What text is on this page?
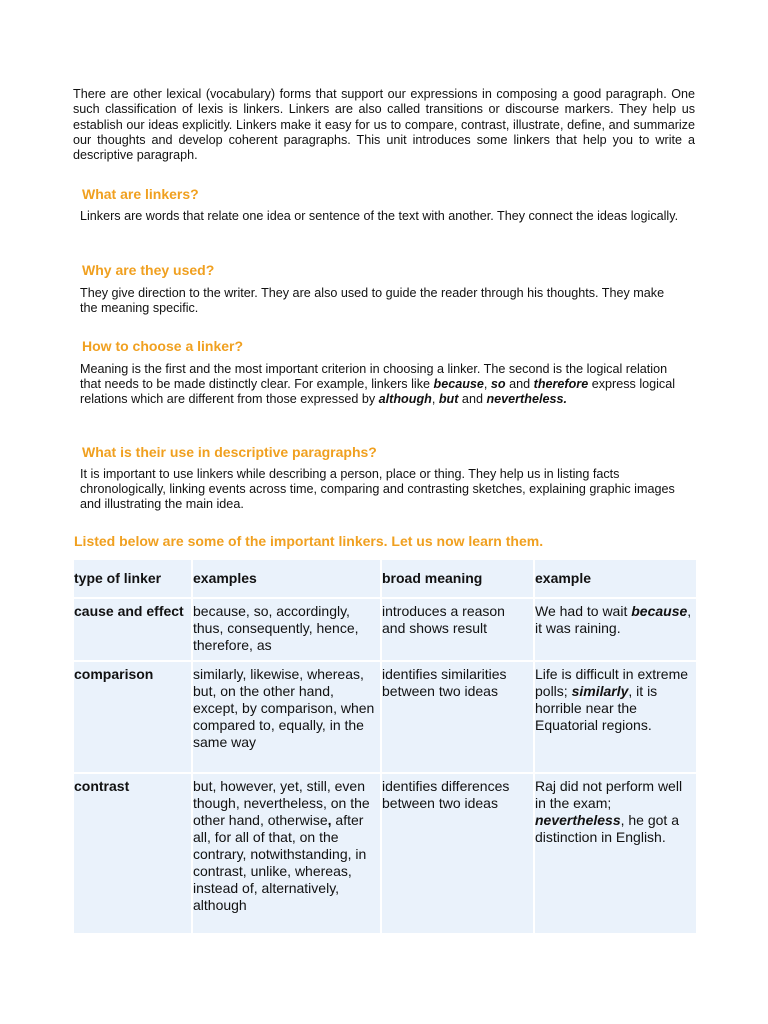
There are other lexical (vocabulary) forms that support our expressions in composing a good paragraph. One such classification of lexis is linkers. Linkers are also called transitions or discourse markers. They help us establish our ideas explicitly. Linkers make it easy for us to compare, contrast, illustrate, define, and summarize our thoughts and develop coherent paragraphs. This unit introduces some linkers that help you to write a descriptive paragraph.
What are linkers?
Linkers are words that relate one idea or sentence of the text with another. They connect the ideas logically.
Why are they used?
They give direction to the writer. They are also used to guide the reader through his thoughts. They make the meaning specific.
How to choose a linker?
Meaning is the first and the most important criterion in choosing a linker. The second is the logical relation that needs to be made distinctly clear. For example, linkers like because, so and therefore express logical relations which are different from those expressed by although, but and nevertheless.
What is their use in descriptive paragraphs?
It is important to use linkers while describing a person, place or thing. They help us in listing facts chronologically, linking events across time, comparing and contrasting sketches, explaining graphic images and illustrating the main idea.
Listed below are some of the important linkers. Let us now learn them.
type of linker	examples	broad meaning	example
cause and effect	because, so, accordingly, thus, consequently, hence, therefore, as	introduces a reason and shows result	We had to wait because, it was raining.
comparison	similarly, likewise, whereas, but, on the other hand, except, by comparison, when compared to, equally, in the same way	identifies similarities between two ideas	Life is difficult in extreme polls; similarly, it is horrible near the Equatorial regions.
contrast	but, however, yet, still, even though, nevertheless, on the other hand, otherwise, after all, for all of that, on the contrary, notwithstanding, in contrast, unlike, whereas, instead of, alternatively, although	identifies differences between two ideas	Raj did not perform well in the exam; nevertheless, he got a distinction in English.
